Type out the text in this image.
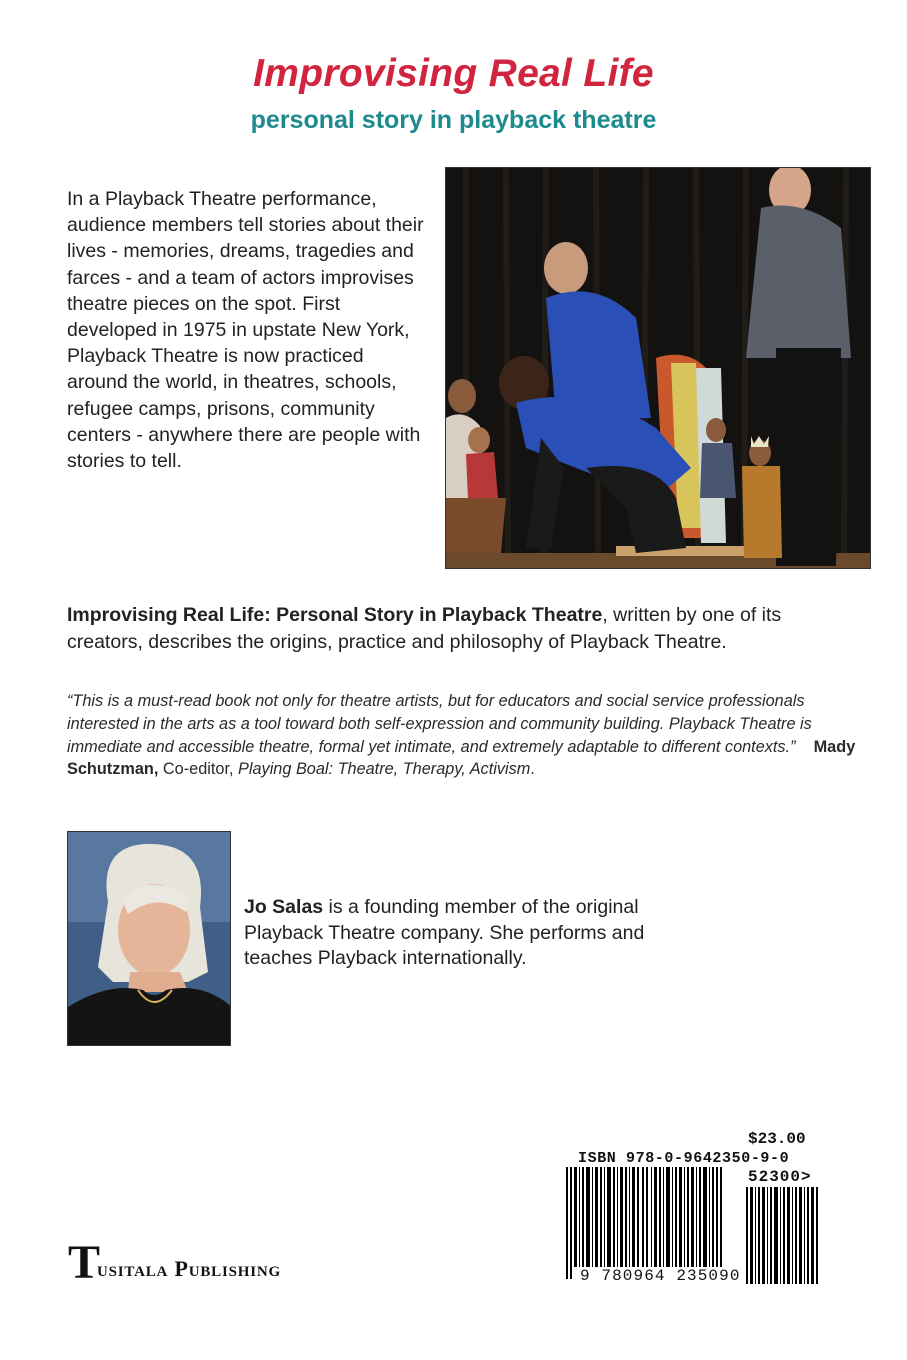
Improvising Real Life
personal story in playback theatre

In a Playback Theatre performance, audience members tell stories about their lives - memories, dreams, tragedies and farces - and a team of actors improvises theatre pieces on the spot. First developed in 1975 in upstate New York, Playback Theatre is now practiced around the world, in theatres, schools, refugee camps, prisons, community centers - anywhere there are people with stories to tell.

Improvising Real Life: Personal Story in Playback Theatre, written by one of its creators, describes the origins, practice and philosophy of Playback Theatre.
“This is a must-read book not only for theatre artists, but for educators and social service professionals interested in the arts as a tool toward both self-expression and community building. Playback Theatre is immediate and accessible theatre, formal yet intimate, and extremely adaptable to different contexts.” Mady Schutzman, Co-editor, Playing Boal: Theatre, Therapy, Activism.
Jo Salas is a founding member of the original Playback Theatre company. She performs and teaches Playback internationally.
$23.00
ISBN 978-0-9642350-9-0
52300>
9 780964 235090
T
usitala Publishing
